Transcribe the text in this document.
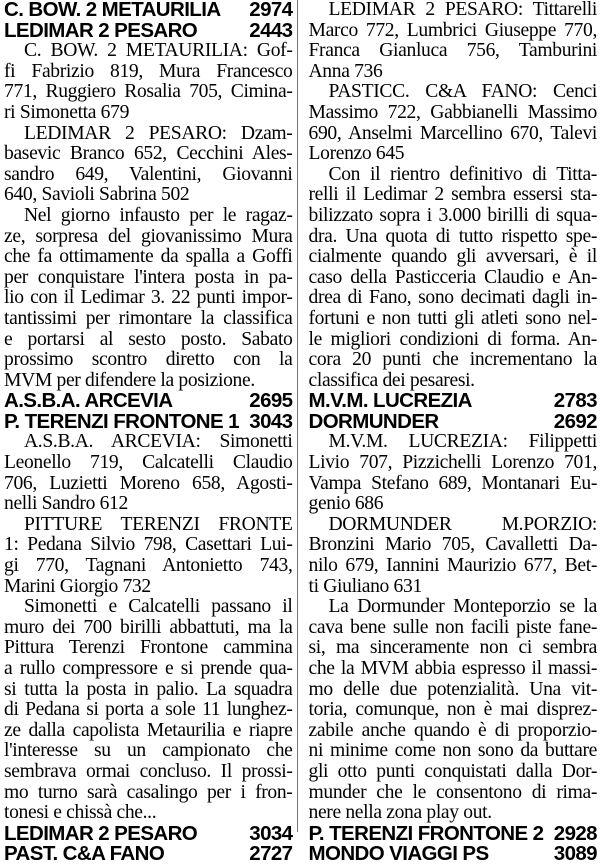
C. BOW. 2 METAURILIA 2974
LEDIMAR 2 PESARO	2443
C. BOW. 2 METAURILIA: Gof-
fi Fabrizio 819, Mura Francesco
771, Ruggiero Rosalia 705, Cimina-
ri Simonetta 679
LEDIMAR 2 PESARO: Dzam-
basevic Branco 652, Cecchini Ales-
sandro 649, Valentini, Giovanni
640, Savioli Sabrina 502
Nel giorno infausto per le ragaz-
ze, sorpresa del giovanissimo Mura
che fa ottimamente da spalla a Goffi
per conquistare l'intera posta in pa-
lio con il Ledimar 3. 22 punti impor-
tantissimi per rimontare la classifica
e portarsi al sesto posto. Sabato
prossimo scontro diretto con la
MVM per difendere la posizione.
A.S.B.A. ARCEVIA	2695
P. TERENZI FRONTONE 1 3043
A.S.B.A. ARCEVIA: Simonetti
Leonello 719, Calcatelli Claudio
706, Luzietti Moreno 658, Agosti-
nelli Sandro 612
PITTURE TERENZI FRONTE
1: Pedana Silvio 798, Casettari Lui-
gi 770, Tagnani Antonietto 743,
Marini Giorgio 732
Simonetti e Calcatelli passano il
muro dei 700 birilli abbattuti, ma la
Pittura Terenzi Frontone cammina
a rullo compressore e si prende qua-
si tutta la posta in palio. La squadra
di Pedana si porta a sole 11 lunghez-
ze dalla capolista Metaurilia e riapre
l'interesse su un campionato che
sembrava ormai concluso. Il prossi-
mo turno sarà casalingo per i fron-
tonesi e chissà che...
LEDIMAR 2 PESARO	3034
PAST. C&A FANO	2727
LEDIMAR 2 PESARO: Tittarelli
Marco 772, Lumbrici Giuseppe 770,
Franca Gianluca 756, Tamburini
Anna 736
PASTICC. C&A FANO: Cenci
Massimo 722, Gabbianelli Massimo
690, Anselmi Marcellino 670, Talevi
Lorenzo 645
Con il rientro definitivo di Titta-
relli il Ledimar 2 sembra essersi sta-
bilizzato sopra i 3.000 birilli di squa-
dra. Una quota di tutto rispetto spe-
cialmente quando gli avversari, è il
caso della Pasticceria Claudio e An-
drea di Fano, sono decimati dagli in-
fortuni e non tutti gli atleti sono nel-
le migliori condizioni di forma. An-
cora 20 punti che incrementano la
classifica dei pesaresi.
M.V.M. LUCREZIA	2783
DORMUNDER	2692
M.V.M. LUCREZIA: Filippetti
Livio 707, Pizzichelli Lorenzo 701,
Vampa Stefano 689, Montanari Eu-
genio 686
DORMUNDER M.PORZIO:
Bronzini Mario 705, Cavalletti Da-
nilo 679, Iannini Maurizio 677, Bet-
ti Giuliano 631
La Dormunder Monteporzio se la
cava bene sulle non facili piste fane-
si, ma sinceramente non ci sembra
che la MVM abbia espresso il massi-
mo delle due potenzialità. Una vit-
toria, comunque, non è mai disprez-
zabile anche quando è di proporzio-
ni minime come non sono da buttare
gli otto punti conquistati dalla Dor-
munder che le consentono di rima-
nere nella zona play out.
P. TERENZI FRONTONE 2 2928
MONDO VIAGGI PS	3089
